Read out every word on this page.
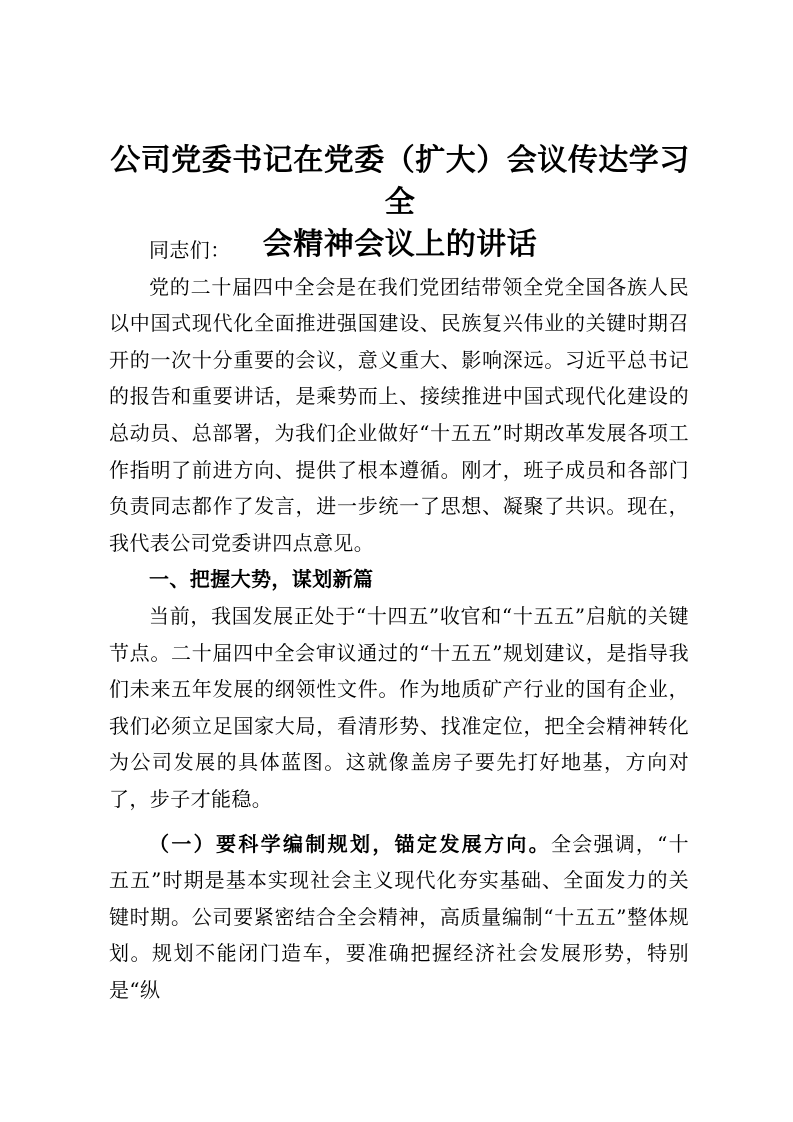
公司党委书记在党委（扩大）会议传达学习全
会精神会议上的讲话

同志们：

党的二十届四中全会是在我们党团结带领全党全国各族人民以中国式现代化全面推进强国建设、民族复兴伟业的关键时期召开的一次十分重要的会议，意义重大、影响深远。习近平总书记的报告和重要讲话，是乘势而上、接续推进中国式现代化建设的总动员、总部署，为我们企业做好“十五五”时期改革发展各项工作指明了前进方向、提供了根本遵循。刚才，班子成员和各部门负责同志都作了发言，进一步统一了思想、凝聚了共识。现在，我代表公司党委讲四点意见。

一、把握大势，谋划新篇

当前，我国发展正处于“十四五”收官和“十五五”启航的关键节点。二十届四中全会审议通过的“十五五”规划建议，是指导我们未来五年发展的纲领性文件。作为地质矿产行业的国有企业，我们必须立足国家大局，看清形势、找准定位，把全会精神转化为公司发展的具体蓝图。这就像盖房子要先打好地基，方向对了，步子才能稳。

（一）要科学编制规划，锚定发展方向。全会强调，“十五五”时期是基本实现社会主义现代化夯实基础、全面发力的关键时期。公司要紧密结合全会精神，高质量编制“十五五”整体规划。规划不能闭门造车，要准确把握经济社会发展形势，特别是“纵
